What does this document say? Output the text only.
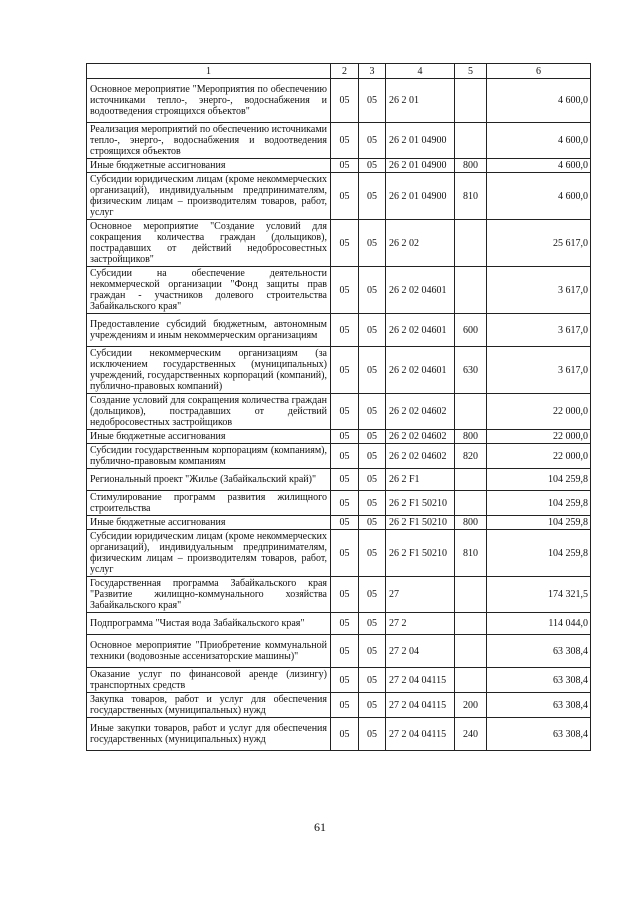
1	2	3	4	5	6
Основное мероприятие "Мероприятия по обеспечению источниками тепло-, энерго-, водоснабжения и водоотведения строящихся объектов"	05	05	26 2 01		4 600,0
Реализация мероприятий по обеспечению источниками тепло-, энерго-, водоснабжения и водоотведения строящихся объектов	05	05	26 2 01 04900		4 600,0
Иные бюджетные ассигнования	05	05	26 2 01 04900	800	4 600,0
Субсидии юридическим лицам (кроме некоммерческих организаций), индивидуальным предпринимателям, физическим лицам – производителям товаров, работ, услуг	05	05	26 2 01 04900	810	4 600,0
Основное мероприятие "Создание условий для сокращения количества граждан (дольщиков), пострадавших от действий недобросовестных застройщиков"	05	05	26 2 02		25 617,0
Субсидии на обеспечение деятельности некоммерческой организации "Фонд защиты прав граждан - участников долевого строительства Забайкальского края"	05	05	26 2 02 04601		3 617,0
Предоставление субсидий бюджетным, автономным учреждениям и иным некоммерческим организациям	05	05	26 2 02 04601	600	3 617,0
Субсидии некоммерческим организациям (за исключением государственных (муниципальных) учреждений, государственных корпораций (компаний), публично-правовых компаний)	05	05	26 2 02 04601	630	3 617,0
Создание условий для сокращения количества граждан (дольщиков), пострадавших от действий недобросовестных застройщиков	05	05	26 2 02 04602		22 000,0
Иные бюджетные ассигнования	05	05	26 2 02 04602	800	22 000,0
Субсидии государственным корпорациям (компаниям), публично-правовым компаниям	05	05	26 2 02 04602	820	22 000,0
Региональный проект "Жилье (Забайкальский край)"	05	05	26 2 F1		104 259,8
Стимулирование программ развития жилищного строительства	05	05	26 2 F1 50210		104 259,8
Иные бюджетные ассигнования	05	05	26 2 F1 50210	800	104 259,8
Субсидии юридическим лицам (кроме некоммерческих организаций), индивидуальным предпринимателям, физическим лицам – производителям товаров, работ, услуг	05	05	26 2 F1 50210	810	104 259,8
Государственная программа Забайкальского края "Развитие жилищно-коммунального хозяйства Забайкальского края"	05	05	27		174 321,5
Подпрограмма "Чистая вода Забайкальского края"	05	05	27 2		114 044,0
Основное мероприятие "Приобретение коммунальной техники (водовозные ассенизаторские машины)"	05	05	27 2 04		63 308,4
Оказание услуг по финансовой аренде (лизингу) транспортных средств	05	05	27 2 04 04115		63 308,4
Закупка товаров, работ и услуг для обеспечения государственных (муниципальных) нужд	05	05	27 2 04 04115	200	63 308,4
Иные закупки товаров, работ и услуг для обеспечения государственных (муниципальных) нужд	05	05	27 2 04 04115	240	63 308,4
61
